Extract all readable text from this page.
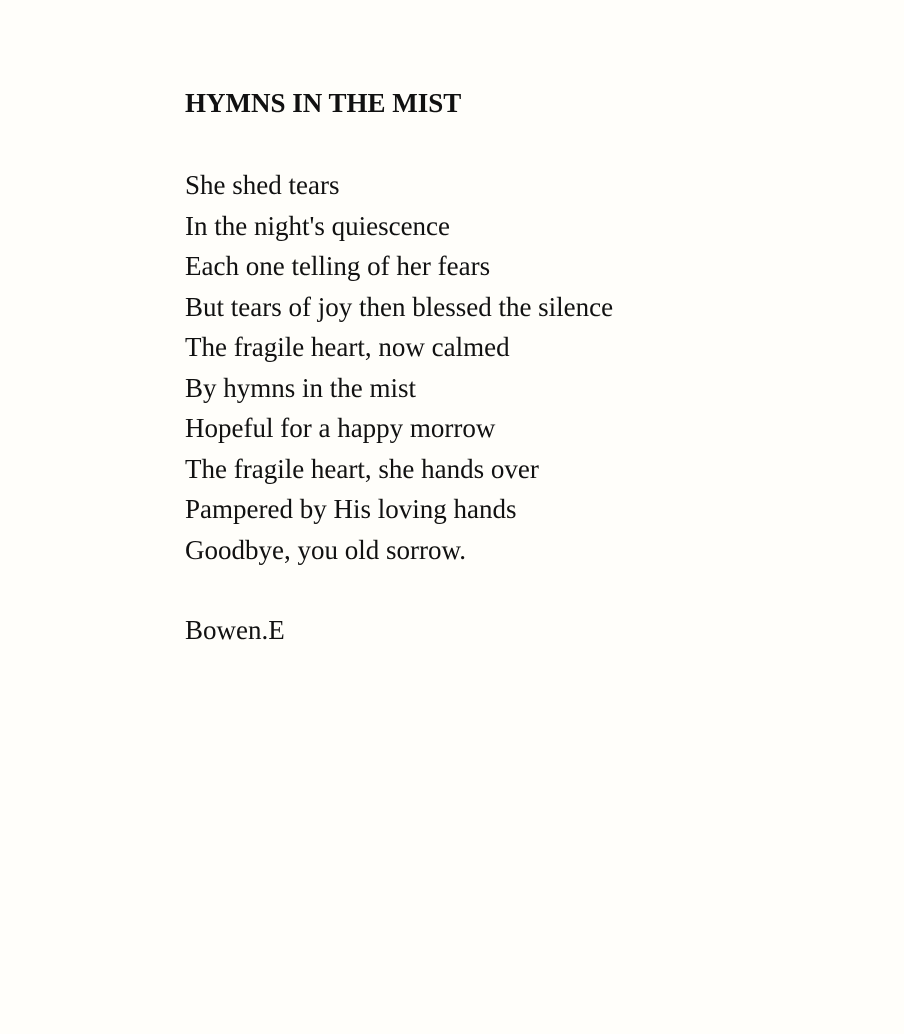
HYMNS IN THE MIST
She shed tears
In the night's quiescence
Each one telling of her fears
But tears of joy then blessed the silence
The fragile heart, now calmed
By hymns in the mist
Hopeful for a happy morrow
The fragile heart, she hands over
Pampered by His loving hands
Goodbye, you old sorrow.

Bowen.E
